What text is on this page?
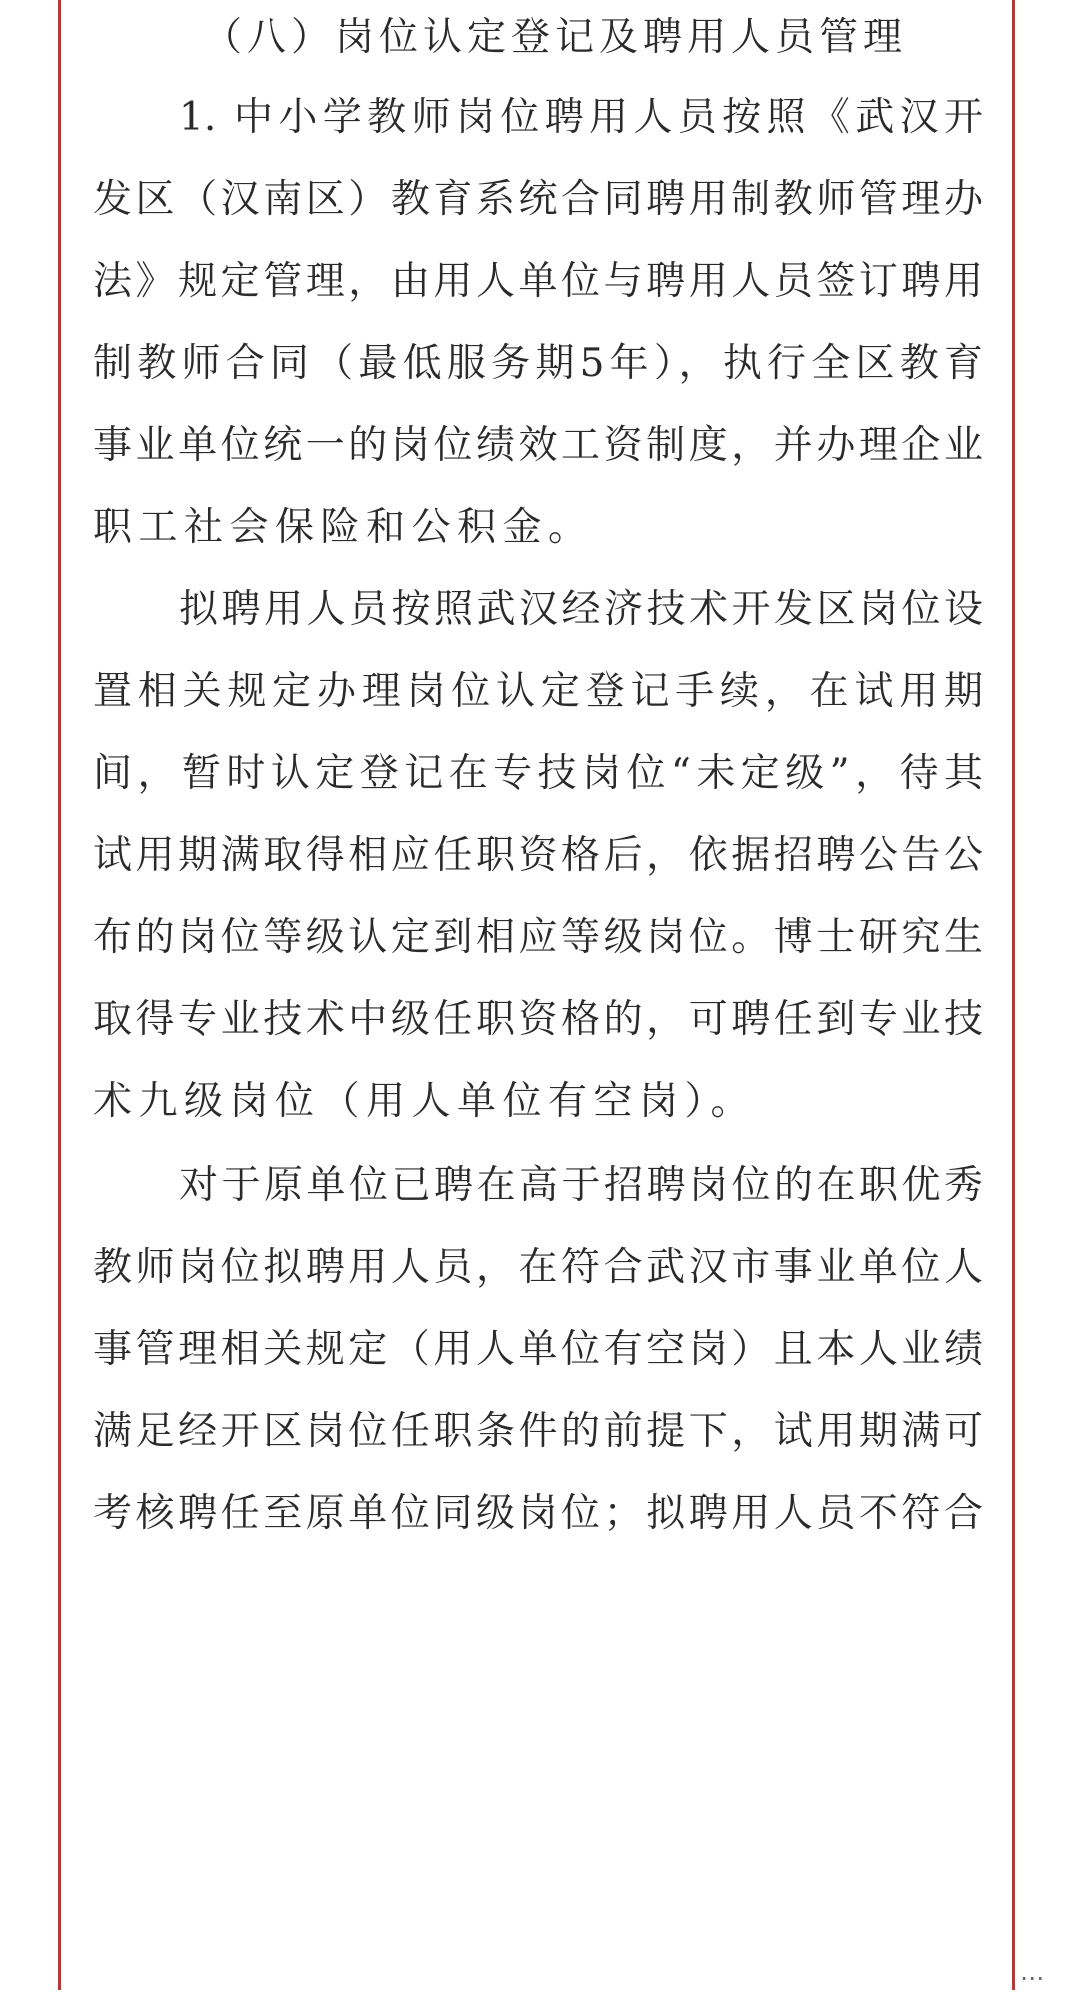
（八）岗位认定登记及聘用人员管理
1. 中小学教师岗位聘用人员按照《武汉开
发区（汉南区）教育系统合同聘用制教师管理办
法》规定管理，由用人单位与聘用人员签订聘用
制教师合同（最低服务期5年），执行全区教育
事业单位统一的岗位绩效工资制度，并办理企业
职工社会保险和公积金。
拟聘用人员按照武汉经济技术开发区岗位设
置相关规定办理岗位认定登记手续，在试用期
间，暂时认定登记在专技岗位“未定级”，待其
试用期满取得相应任职资格后，依据招聘公告公
布的岗位等级认定到相应等级岗位。博士研究生
取得专业技术中级任职资格的，可聘任到专业技
术九级岗位（用人单位有空岗）。
对于原单位已聘在高于招聘岗位的在职优秀
教师岗位拟聘用人员，在符合武汉市事业单位人
事管理相关规定（用人单位有空岗）且本人业绩
满足经开区岗位任职条件的前提下，试用期满可
考核聘任至原单位同级岗位；拟聘用人员不符合
⋯
